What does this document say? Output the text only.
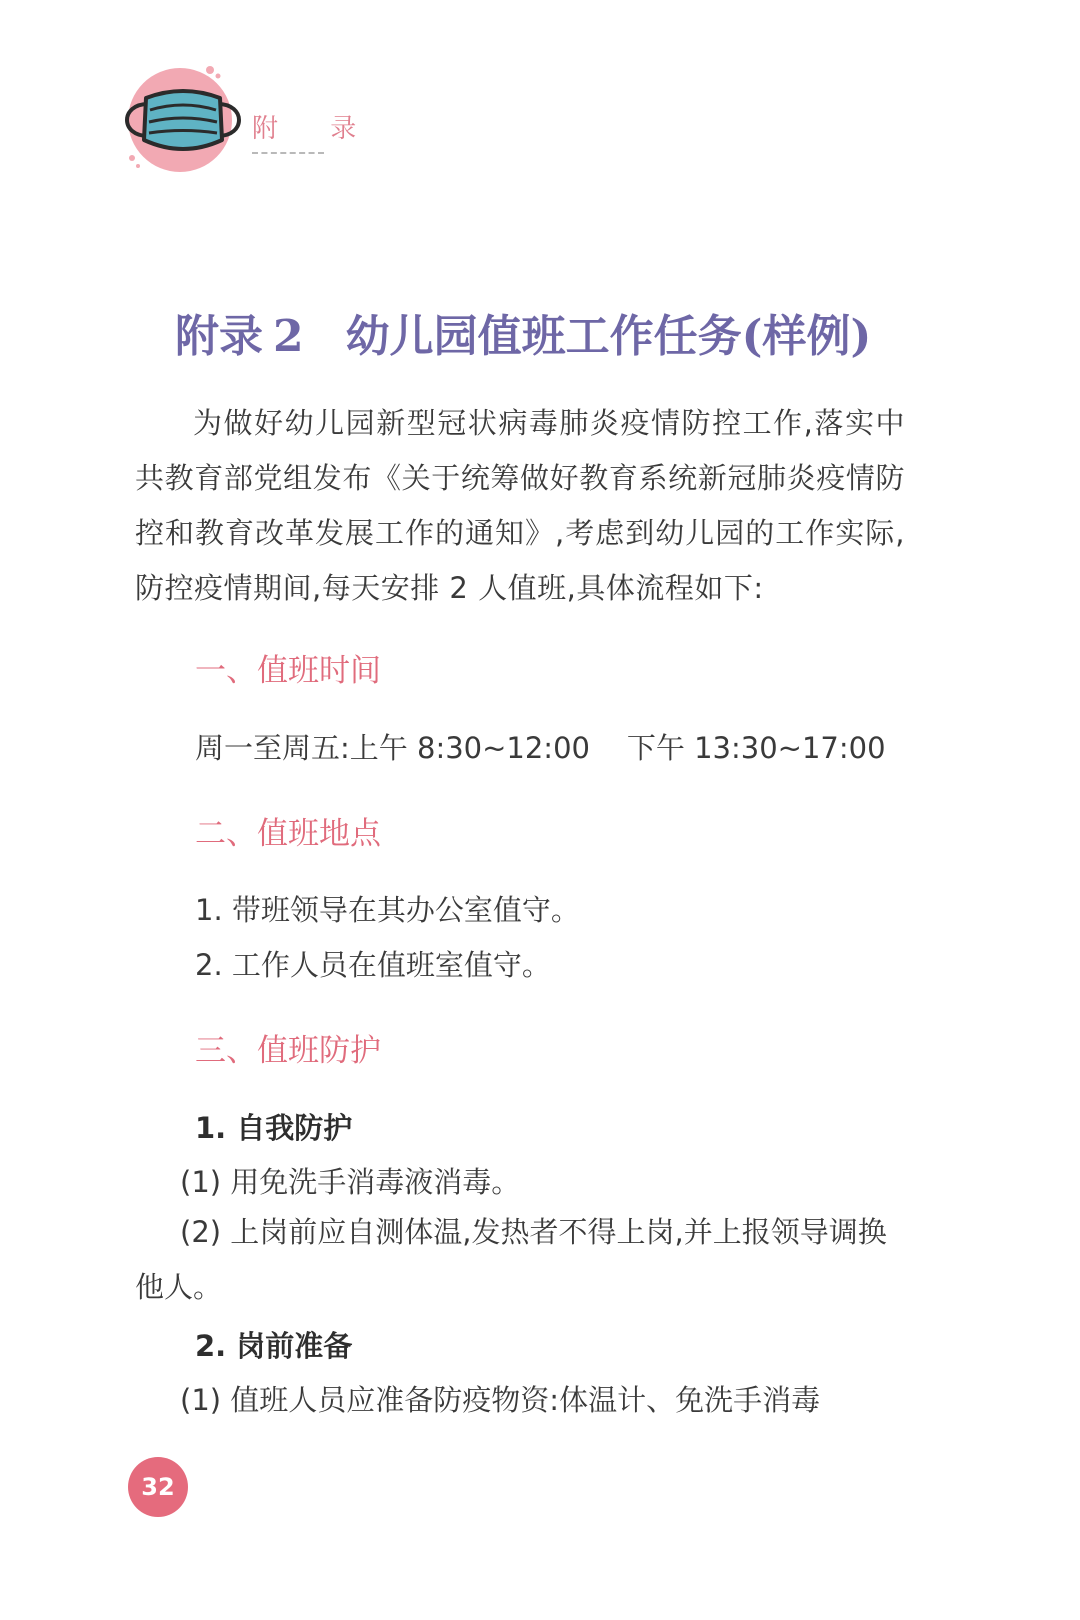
附 录
附录 2 幼儿园值班工作任务(样例)

为做好幼儿园新型冠状病毒肺炎疫情防控工作,落实中共教育部党组发布《关于统筹做好教育系统新冠肺炎疫情防控和教育改革发展工作的通知》,考虑到幼儿园的工作实际,防控疫情期间,每天安排 2 人值班,具体流程如下:

一、值班时间

周一至周五:上午 8:30~12:00    下午 13:30~17:00

二、值班地点

1. 带班领导在其办公室值守。

2. 工作人员在值班室值守。

三、值班防护

1. 自我防护

(1) 用免洗手消毒液消毒。

(2) 上岗前应自测体温,发热者不得上岗,并上报领导调换他人。

2. 岗前准备

(1) 值班人员应准备防疫物资:体温计、免洗手消毒

32
